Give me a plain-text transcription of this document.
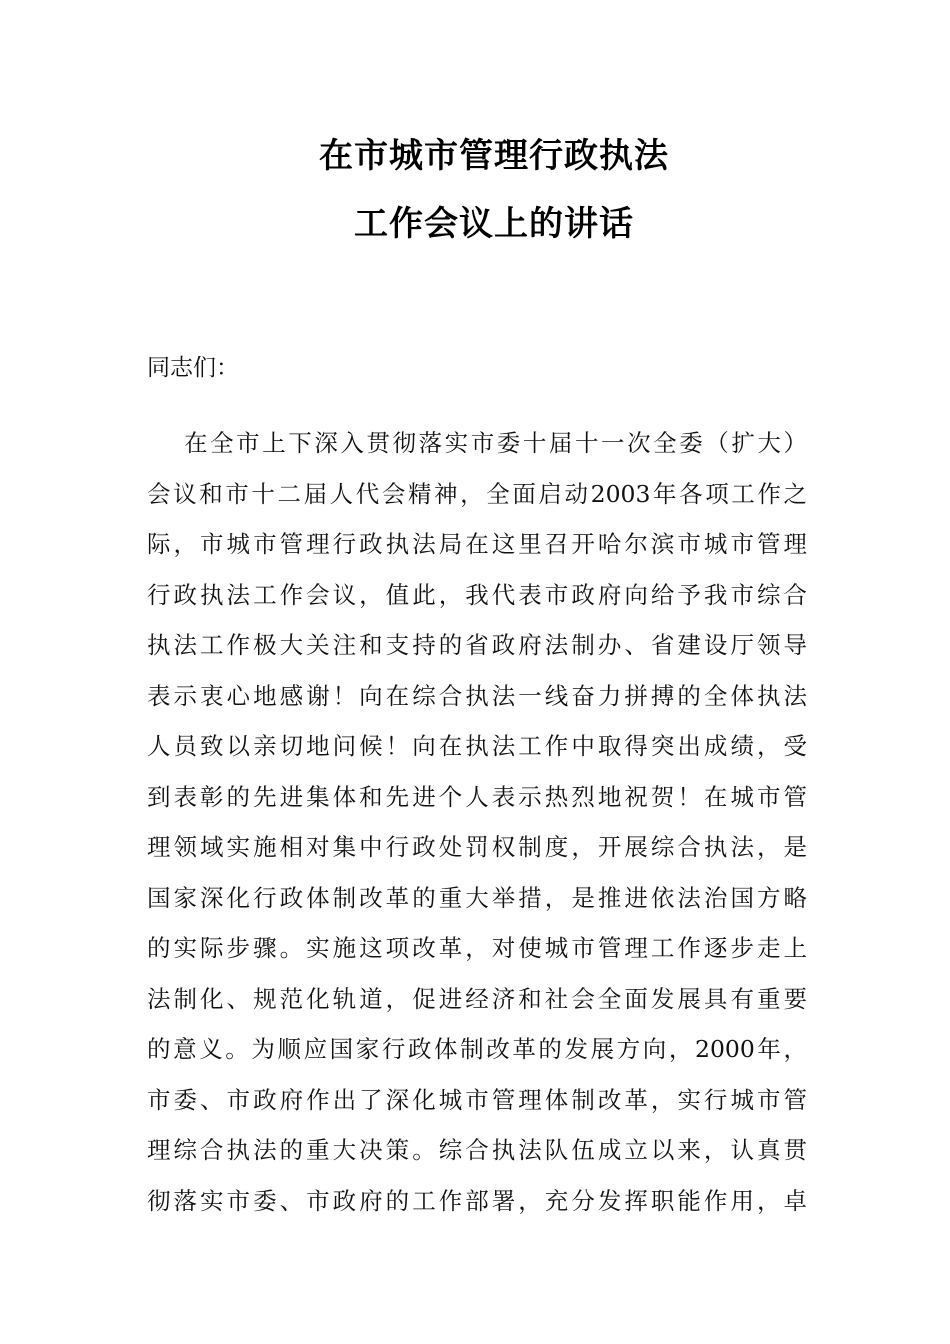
在市城市管理行政执法
工作会议上的讲话
同志们：
在全市上下深入贯彻落实市委十届十一次全委（扩大）
会议和市十二届人代会精神，全面启动2003年各项工作之
际，市城市管理行政执法局在这里召开哈尔滨市城市管理
行政执法工作会议，值此，我代表市政府向给予我市综合
执法工作极大关注和支持的省政府法制办、省建设厅领导
表示衷心地感谢！向在综合执法一线奋力拼搏的全体执法
人员致以亲切地问候！向在执法工作中取得突出成绩，受
到表彰的先进集体和先进个人表示热烈地祝贺！在城市管
理领域实施相对集中行政处罚权制度，开展综合执法，是
国家深化行政体制改革的重大举措，是推进依法治国方略
的实际步骤。实施这项改革，对使城市管理工作逐步走上
法制化、规范化轨道，促进经济和社会全面发展具有重要
的意义。为顺应国家行政体制改革的发展方向，2000年，
市委、市政府作出了深化城市管理体制改革，实行城市管
理综合执法的重大决策。综合执法队伍成立以来，认真贯
彻落实市委、市政府的工作部署，充分发挥职能作用，卓
